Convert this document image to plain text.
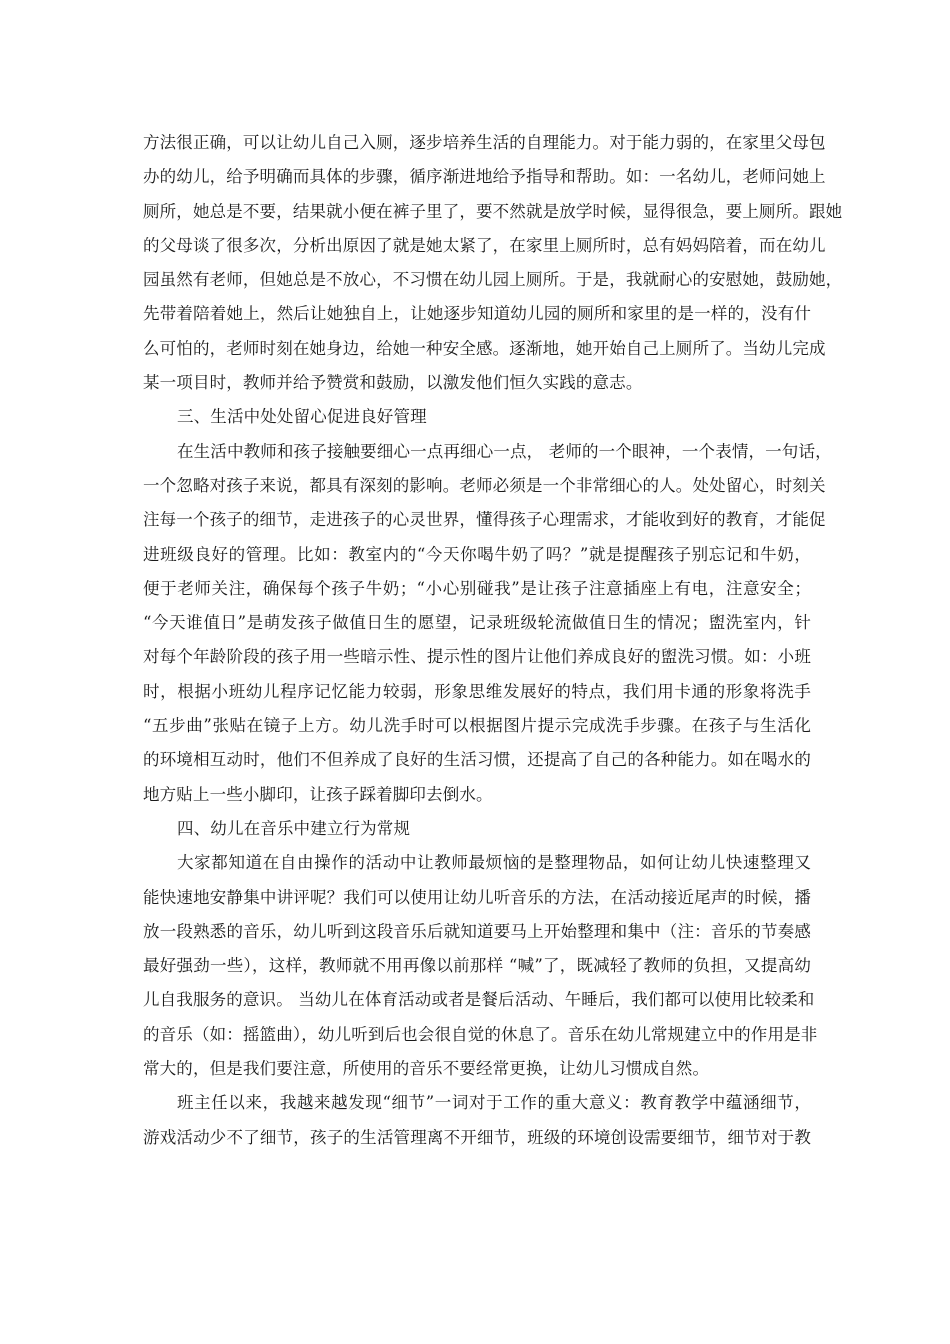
方法很正确，可以让幼儿自己入厕，逐步培养生活的自理能力。对于能力弱的，在家里父母包
办的幼儿，给予明确而具体的步骤，循序渐进地给予指导和帮助。如：一名幼儿，老师问她上
厕所，她总是不要，结果就小便在裤子里了，要不然就是放学时候，显得很急，要上厕所。跟她
的父母谈了很多次，分析出原因了就是她太紧了，在家里上厕所时，总有妈妈陪着，而在幼儿
园虽然有老师，但她总是不放心，不习惯在幼儿园上厕所。于是，我就耐心的安慰她，鼓励她，
先带着陪着她上，然后让她独自上，让她逐步知道幼儿园的厕所和家里的是一样的，没有什
么可怕的，老师时刻在她身边，给她一种安全感。逐渐地，她开始自己上厕所了。当幼儿完成
某一项目时，教师并给予赞赏和鼓励，以激发他们恒久实践的意志。
三、生活中处处留心促进良好管理
在生活中教师和孩子接触要细心一点再细心一点， 老师的一个眼神，一个表情，一句话，
一个忽略对孩子来说，都具有深刻的影响。老师必须是一个非常细心的人。处处留心，时刻关
注每一个孩子的细节，走进孩子的心灵世界，懂得孩子心理需求，才能收到好的教育，才能促
进班级良好的管理。比如：教室内的“今天你喝牛奶了吗？”就是提醒孩子别忘记和牛奶，
便于老师关注，确保每个孩子牛奶；“小心别碰我”是让孩子注意插座上有电，注意安全；
“今天谁值日”是萌发孩子做值日生的愿望，记录班级轮流做值日生的情况；盥洗室内，针
对每个年龄阶段的孩子用一些暗示性、提示性的图片让他们养成良好的盥洗习惯。如：小班
时，根据小班幼儿程序记忆能力较弱，形象思维发展好的特点，我们用卡通的形象将洗手
“五步曲”张贴在镜子上方。幼儿洗手时可以根据图片提示完成洗手步骤。在孩子与生活化
的环境相互动时，他们不但养成了良好的生活习惯，还提高了自己的各种能力。如在喝水的
地方贴上一些小脚印，让孩子踩着脚印去倒水。
四、幼儿在音乐中建立行为常规
大家都知道在自由操作的活动中让教师最烦恼的是整理物品，如何让幼儿快速整理又
能快速地安静集中讲评呢？我们可以使用让幼儿听音乐的方法，在活动接近尾声的时候，播
放一段熟悉的音乐，幼儿听到这段音乐后就知道要马上开始整理和集中（注：音乐的节奏感
最好强劲一些），这样，教师就不用再像以前那样 “喊”了，既减轻了教师的负担，又提高幼
儿自我服务的意识。 当幼儿在体育活动或者是餐后活动、午睡后，我们都可以使用比较柔和
的音乐（如：摇篮曲），幼儿听到后也会很自觉的休息了。音乐在幼儿常规建立中的作用是非
常大的，但是我们要注意，所使用的音乐不要经常更换，让幼儿习惯成自然。
班主任以来，我越来越发现“细节”一词对于工作的重大意义：教育教学中蕴涵细节，
游戏活动少不了细节，孩子的生活管理离不开细节，班级的环境创设需要细节，细节对于教
